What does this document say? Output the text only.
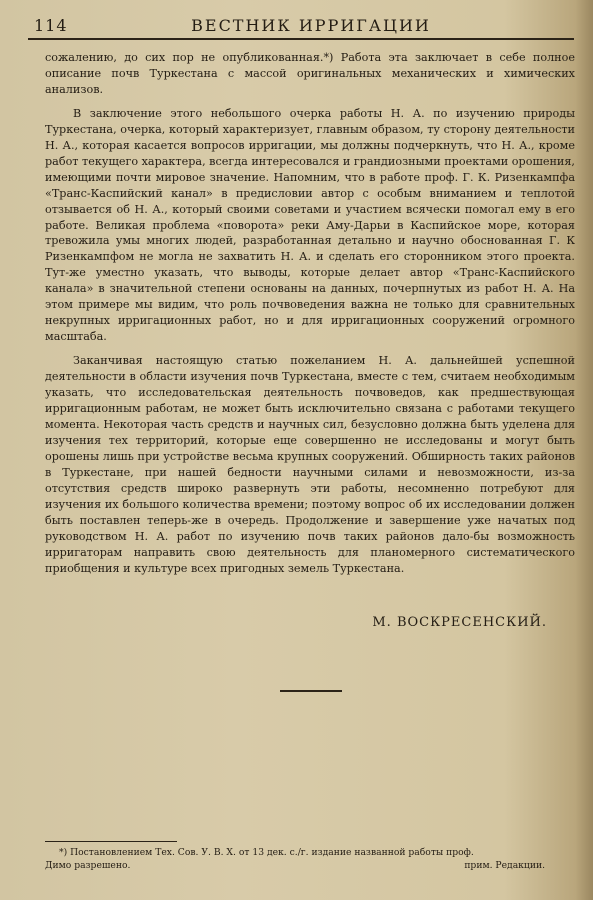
114	ВЕСТНИК ИРРИГАЦИИ

сожалению, до сих пор не опубликованная.*) Работа эта заключает в себе полное описание почв Туркестана с массой оригинальных механических и химических анализов.

В заключение этого небольшого очерка работы Н. А. по изучению природы Туркестана, очерка, который характеризует, главным образом, ту сторону деятельности Н. А., которая касается вопросов ирригации, мы должны подчеркнуть, что Н. А., кроме работ текущего характера, всегда интересовался и грандиозными проектами орошения, имеющими почти мировое значение. Напомним, что в работе проф. Г. К. Ризенкампфа «Транс-Каспийский канал» в предисловии автор с особым вниманием и теплотой отзывается об Н. А., который своими советами и участием всячески помогал ему в его работе. Великая проблема «поворота» реки Аму-Дарьи в Каспийское море, которая тревожила умы многих людей, разработанная детально и научно обоснованная Г. К Ризенкампфом не могла не захватить Н. А. и сделать его сторонником этого проекта. Тут-же уместно указать, что выводы, которые делает автор «Транс-Каспийского канала» в значительной степени основаны на данных, почерпнутых из работ Н. А. На этом примере мы видим, что роль почвоведения важна не только для сравнительных некрупных ирригационных работ, но и для ирригационных сооружений огромного масштаба.

Заканчивая настоящую статью пожеланием Н. А. дальнейшей успешной деятельности в области изучения почв Туркестана, вместе с тем, считаем необходимым указать, что исследовательская деятельность почвоведов, как предшествующая ирригационным работам, не может быть исключительно связана с работами текущего момента. Некоторая часть средств и научных сил, безусловно должна быть уделена для изучения тех территорий, которые еще совершенно не исследованы и могут быть орошены лишь при устройстве весьма крупных сооружений. Обширность таких районов в Туркестане, при нашей бедности научными силами и невозможности, из-за отсутствия средств широко развернуть эти работы, несомненно потребуют для изучения их большого количества времени; поэтому вопрос об их исследовании должен быть поставлен теперь-же в очередь. Продолжение и завершение уже начатых под руководством Н. А. работ по изучению почв таких районов дало-бы возможность ирригаторам направить свою деятельность для планомерного систематического приобщения и культуре всех пригодных земель Туркестана.

М. ВОСКРЕСЕНСКИЙ.
*) Постановлением Тех. Сов. У. В. Х. от 13 дек. с./г. издание названной работы проф.
Димо разрешено.	прим. Редакции.
